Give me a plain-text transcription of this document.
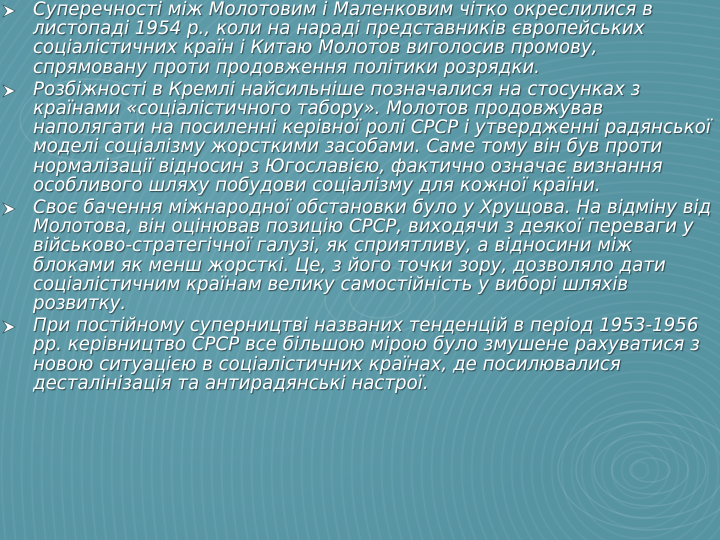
Суперечності між Молотовим і Маленковим чітко окреслилися в листопаді 1954 р., коли на нараді представників європейських соціалістичних країн і Китаю Молотов виголосив промову, спрямовану проти продовження політики розрядки.
Розбіжності в Кремлі найсильніше позначалися на стосунках з країнами «соціалістичного табору». Молотов продовжував наполягати на посиленні керівної ролі СРСР і утвердженні радянської моделі соціалізму жорсткими засобами. Саме тому він був проти нормалізації відносин з Югославією, фактично означає визнання особливого шляху побудови соціалізму для кожної країни.
Своє бачення міжнародної обстановки було у Хрущова. На відміну від Молотова, він оцінював позицію СРСР, виходячи з деякої переваги у військово-стратегічної галузі, як сприятливу, а відносини між блоками як менш жорсткі. Це, з його точки зору, дозволяло дати соціалістичним країнам велику самостійність у виборі шляхів розвитку.
При постійному суперництві названих тенденцій в період 1953-1956 рр. керівництво СРСР все більшою мірою було змушене рахуватися з новою ситуацією в соціалістичних країнах, де посилювалися десталінізація та антирадянські настрої.
